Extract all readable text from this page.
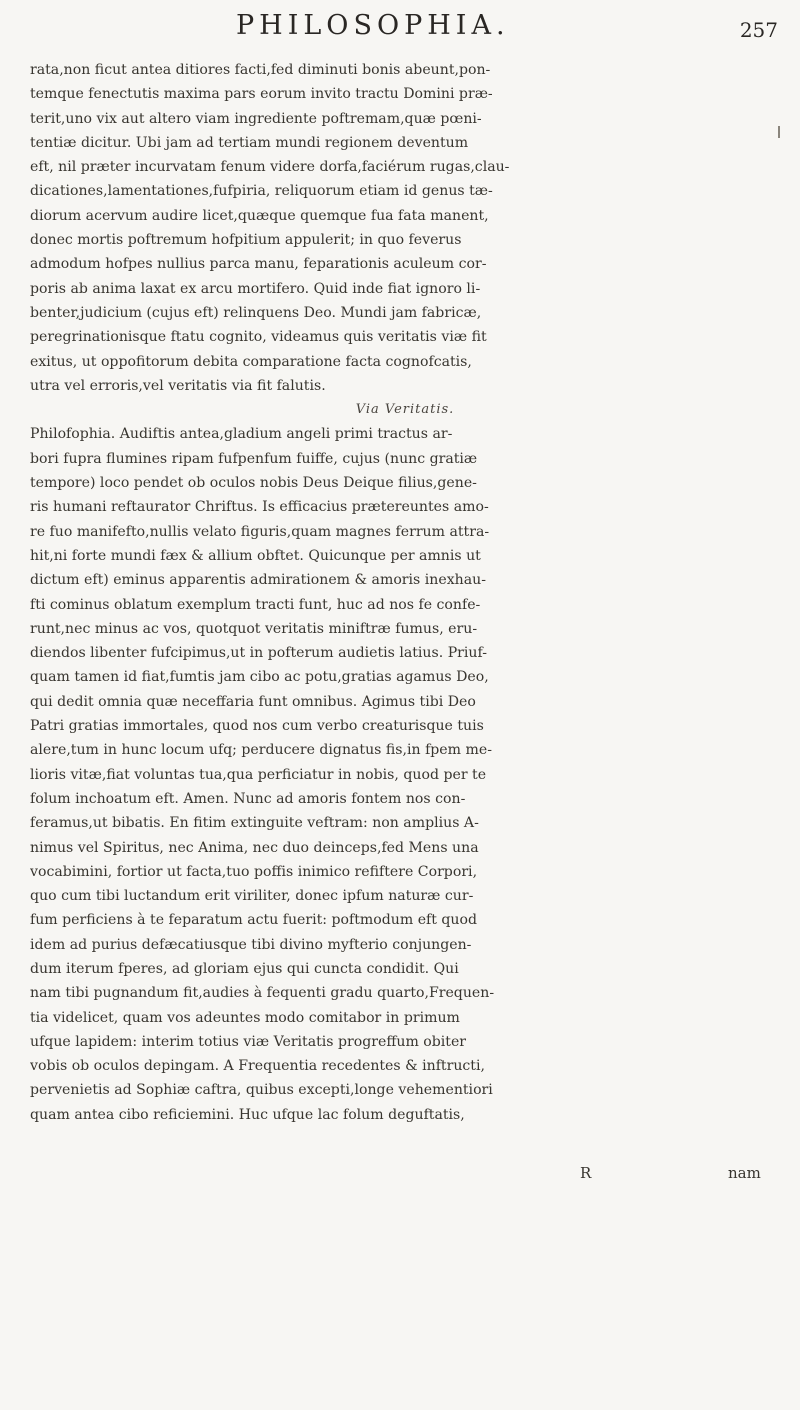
PHILOSOPHIA.	257
rata,non ficut antea ditiores facti,fed diminuti bonis abeunt,pon-
temque fenectutis maxima pars eorum invito tractu Domini præ-
terit,uno vix aut altero viam ingrediente poftremam,quæ pœni-
tentiæ dicitur. Ubi jam ad tertiam mundi regionem deventum
eft, nil præter incurvatam fenum videre dorfa,faciérum rugas,clau-
dicationes,lamentationes,fufpiria, reliquorum etiam id genus tæ-
diorum acervum audire licet,quæque quemque fua fata manent,
donec mortis poftremum hofpitium appulerit; in quo feverus
admodum hofpes nullius parca manu, feparationis aculeum cor-
poris ab anima laxat ex arcu mortifero. Quid inde fiat ignoro li-
benter,judicium (cujus eft) relinquens Deo. Mundi jam fabricæ,
peregrinationisque ftatu cognito, videamus quis veritatis viæ fit
exitus, ut oppofitorum debita comparatione facta cognofcatis,
utra vel erroris,vel veritatis via fit falutis.
Via Veritatis.
Philofophia. Audiftis antea,gladium angeli primi tractus ar-
bori fupra flumines ripam fufpenfum fuiffe, cujus (nunc gratiæ
tempore) loco pendet ob oculos nobis Deus Deique filius,gene-
ris humani reftaurator Chriftus. Is efficacius prætereuntes amo-
re fuo manifefto,nullis velato figuris,quam magnes ferrum attra-
hit,ni forte mundi fæx & allium obftet. Quicunque per amnis ut
dictum eft) eminus apparentis admirationem & amoris inexhau-
fti cominus oblatum exemplum tracti funt, huc ad nos fe confe-
runt,nec minus ac vos, quotquot veritatis miniftræ fumus, eru-
diendos libenter fufcipimus,ut in pofterum audietis latius. Priuf-
quam tamen id fiat,fumtis jam cibo ac potu,gratias agamus Deo,
qui dedit omnia quæ neceffaria funt omnibus. Agimus tibi Deo
Patri gratias immortales, quod nos cum verbo creaturisque tuis
alere,tum in hunc locum ufq; perducere dignatus fis,in fpem me-
lioris vitæ,fiat voluntas tua,qua perficiatur in nobis, quod per te
folum inchoatum eft. Amen. Nunc ad amoris fontem nos con-
feramus,ut bibatis. En fitim extinguite veftram: non amplius A-
nimus vel Spiritus, nec Anima, nec duo deinceps,fed Mens una
vocabimini, fortior ut facta,tuo poffis inimico refiftere Corpori,
quo cum tibi luctandum erit viriliter, donec ipfum naturæ cur-
fum perficiens à te feparatum actu fuerit: poftmodum eft quod
idem ad purius defæcatiusque tibi divino myfterio conjungen-
dum iterum fperes, ad gloriam ejus qui cuncta condidit. Qui
nam tibi pugnandum fit,audies à fequenti gradu quarto,Frequen-
tia videlicet, quam vos adeuntes modo comitabor in primum
ufque lapidem: interim totius viæ Veritatis progreffum obiter
vobis ob oculos depingam. A Frequentia recedentes & inftructi,
pervenietis ad Sophiæ caftra, quibus excepti,longe vehementiori
quam antea cibo reficiemini. Huc ufque lac folum deguftatis,
R	nam
